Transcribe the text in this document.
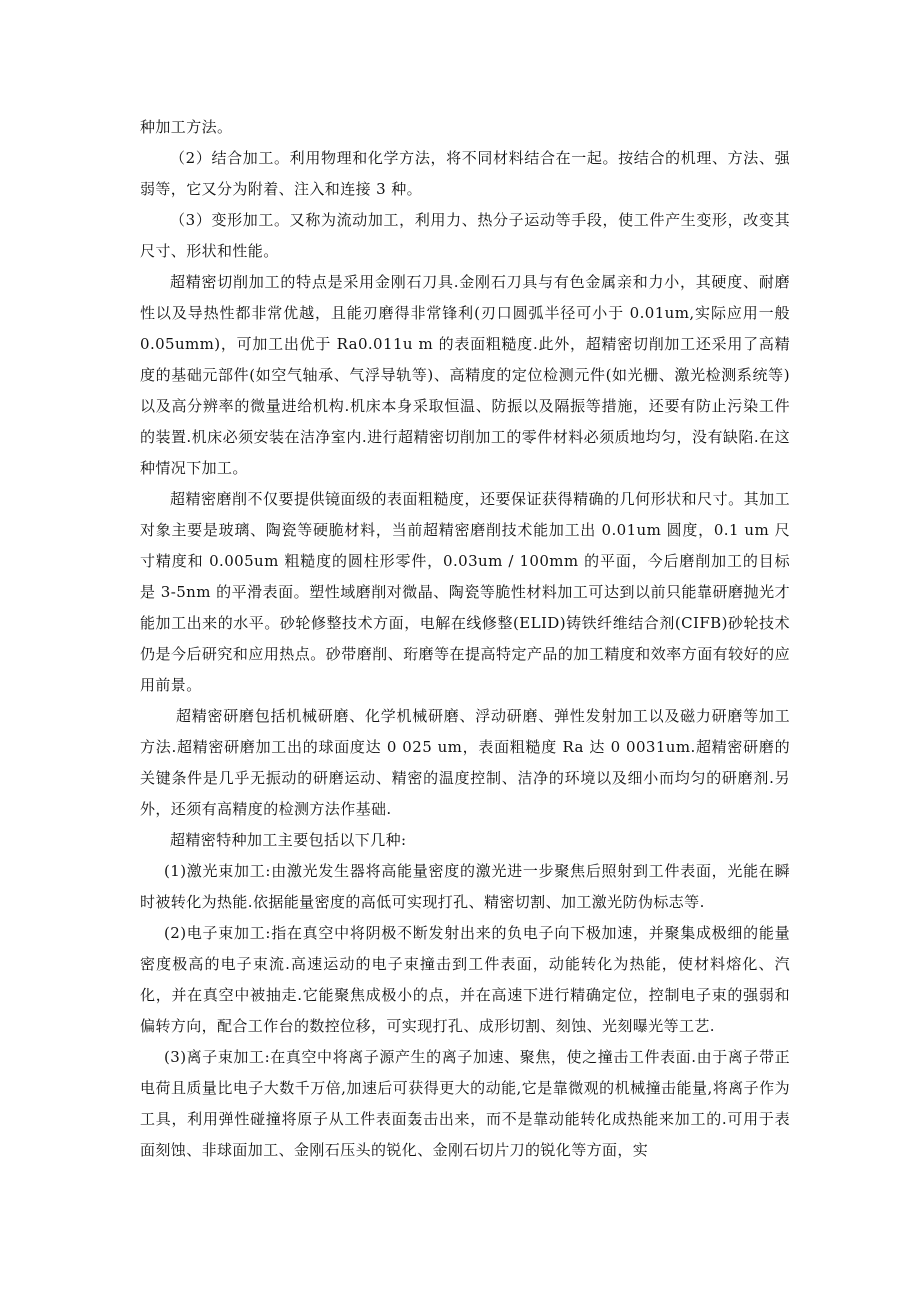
种加工方法。

（2）结合加工。利用物理和化学方法，将不同材料结合在一起。按结合的机理、方法、强弱等，它又分为附着、注入和连接 3 种。

（3）变形加工。又称为流动加工，利用力、热分子运动等手段，使工件产生变形，改变其尺寸、形状和性能。

超精密切削加工的特点是采用金刚石刀具.金刚石刀具与有色金属亲和力小，其硬度、耐磨性以及导热性都非常优越，且能刃磨得非常锋利(刃口圆弧半径可小于 0.01um,实际应用一般 0.05umm)，可加工出优于 Ra0.011u m 的表面粗糙度.此外，超精密切削加工还采用了高精度的基础元部件(如空气轴承、气浮导轨等)、高精度的定位检测元件(如光栅、激光检测系统等)以及高分辨率的微量进给机构.机床本身采取恒温、防振以及隔振等措施，还要有防止污染工件的装置.机床必须安装在洁净室内.进行超精密切削加工的零件材料必须质地均匀，没有缺陷.在这种情况下加工。

超精密磨削不仅要提供镜面级的表面粗糙度，还要保证获得精确的几何形状和尺寸。其加工对象主要是玻璃、陶瓷等硬脆材料，当前超精密磨削技术能加工出 0.01um 圆度，0.1 um 尺寸精度和 0.005um 粗糙度的圆柱形零件，0.03um / 100mm 的平面，今后磨削加工的目标是 3-5nm 的平滑表面。塑性域磨削对微晶、陶瓷等脆性材料加工可达到以前只能靠研磨抛光才能加工出来的水平。砂轮修整技术方面，电解在线修整(ELID)铸铁纤维结合剂(CIFB)砂轮技术仍是今后研究和应用热点。砂带磨削、珩磨等在提高特定产品的加工精度和效率方面有较好的应用前景。

超精密研磨包括机械研磨、化学机械研磨、浮动研磨、弹性发射加工以及磁力研磨等加工方法.超精密研磨加工出的球面度达 0 025 um，表面粗糙度 Ra 达 0 0031um.超精密研磨的关键条件是几乎无振动的研磨运动、精密的温度控制、洁净的环境以及细小而均匀的研磨剂.另外，还须有高精度的检测方法作基础.

超精密特种加工主要包括以下几种:

(1)激光束加工:由激光发生器将高能量密度的激光进一步聚焦后照射到工件表面，光能在瞬时被转化为热能.依据能量密度的高低可实现打孔、精密切割、加工激光防伪标志等.

(2)电子束加工:指在真空中将阴极不断发射出来的负电子向下极加速，并聚集成极细的能量密度极高的电子束流.高速运动的电子束撞击到工件表面，动能转化为热能，使材料熔化、汽化，并在真空中被抽走.它能聚焦成极小的点，并在高速下进行精确定位，控制电子束的强弱和偏转方向，配合工作台的数控位移，可实现打孔、成形切割、刻蚀、光刻曝光等工艺.

(3)离子束加工:在真空中将离子源产生的离子加速、聚焦，使之撞击工件表面.由于离子带正电荷且质量比电子大数千万倍,加速后可获得更大的动能,它是靠微观的机械撞击能量,将离子作为工具，利用弹性碰撞将原子从工件表面轰击出来，而不是靠动能转化成热能来加工的.可用于表面刻蚀、非球面加工、金刚石压头的锐化、金刚石切片刀的锐化等方面，实
